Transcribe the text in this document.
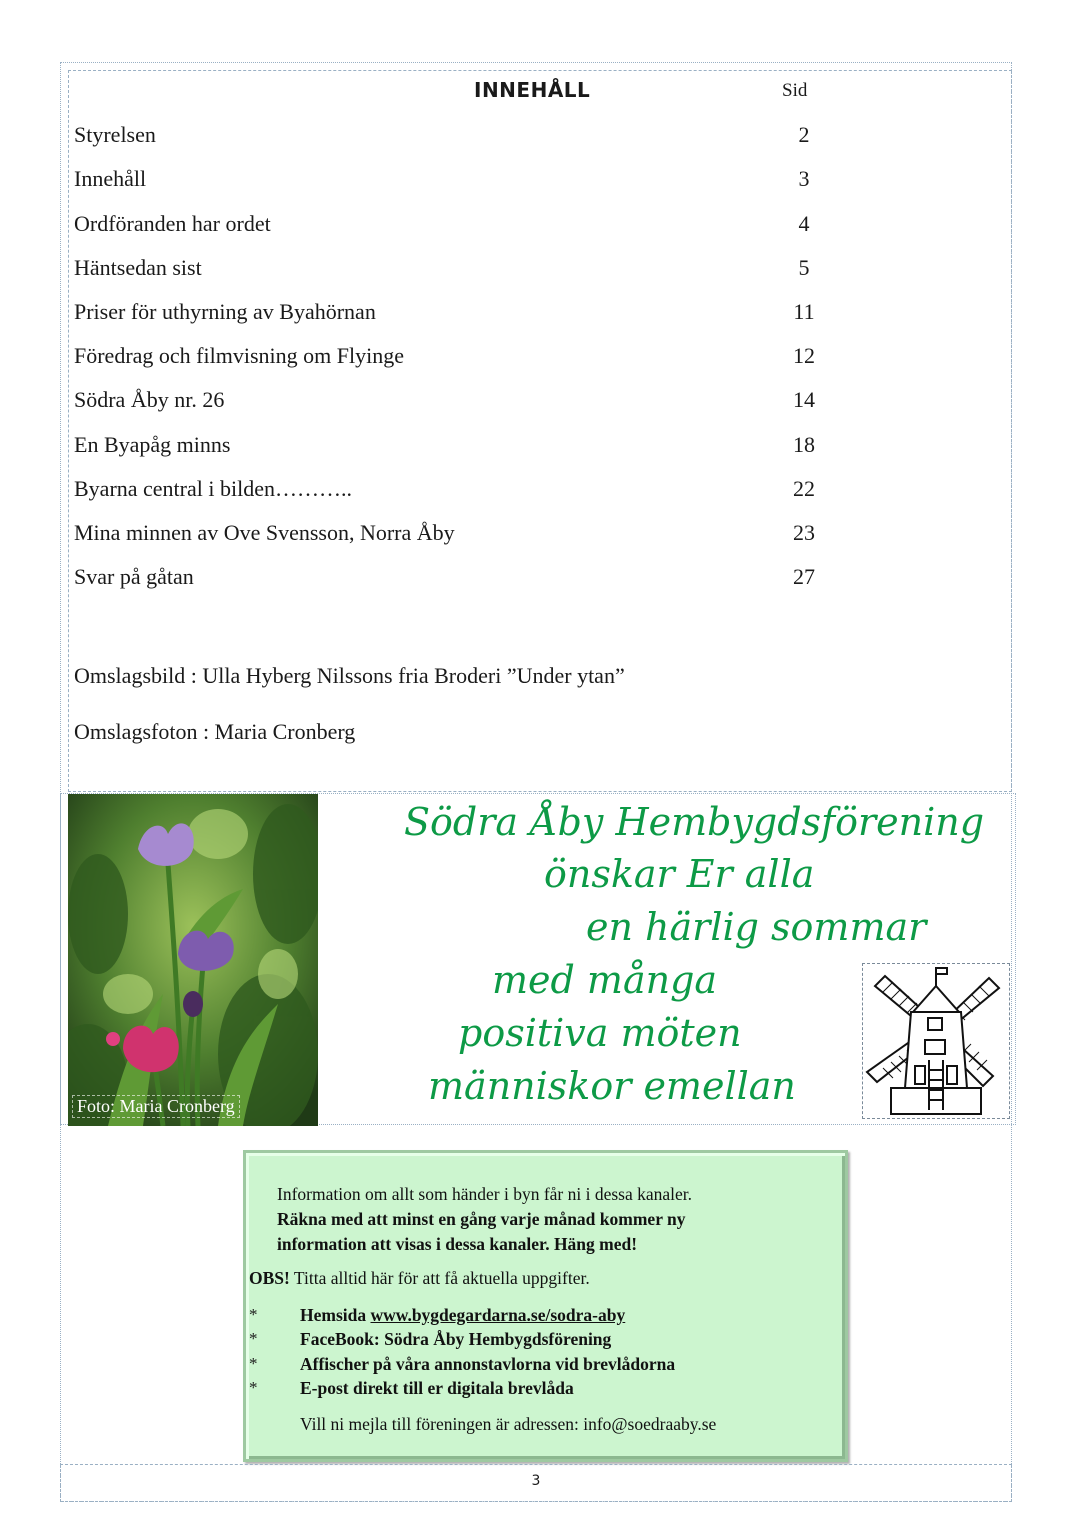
INNEHÅLL	Sid
Styrelsen	2
Innehåll	3
Ordföranden har ordet	4
Häntsedan sist	5
Priser för uthyrning av Byahörnan	11
Föredrag och filmvisning om Flyinge	12
Södra Åby nr. 26	14
En Byapåg minns	18
Byarna central i bilden………..	22
Mina minnen av Ove Svensson, Norra Åby	23
Svar på gåtan	27
Omslagsbild : Ulla Hyberg Nilssons fria Broderi ”Under ytan”
Omslagsfoton : Maria Cronberg
Foto: Maria Cronberg
Södra Åby Hembygdsförening
önskar Er alla
en härlig sommar
med många
positiva möten
människor emellan
Information om allt som händer i byn får ni i dessa kanaler.
Räkna med att minst en gång varje månad kommer ny
information att visas i dessa kanaler. Häng med!
OBS! Titta alltid här för att få aktuella uppgifter.
* Hemsida www.bygdegardarna.se/sodra-aby
* FaceBook: Södra Åby Hembygdsförening
* Affischer på våra annonstavlorna vid brevlådorna
* E-post direkt till er digitala brevlåda
Vill ni mejla till föreningen är adressen: info@soedraaby.se
3
